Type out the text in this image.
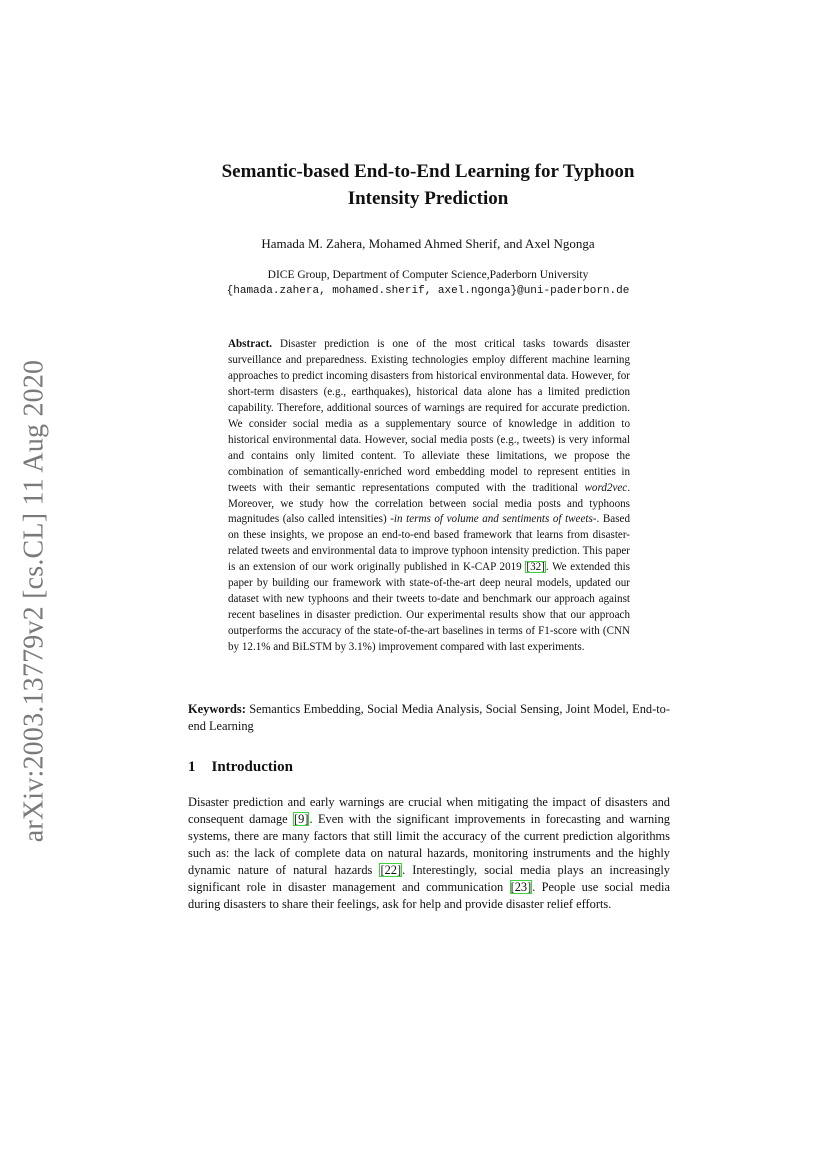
arXiv:2003.13779v2 [cs.CL] 11 Aug 2020
Semantic-based End-to-End Learning for Typhoon
Intensity Prediction
Hamada M. Zahera, Mohamed Ahmed Sherif, and Axel Ngonga
DICE Group, Department of Computer Science,Paderborn University
{hamada.zahera, mohamed.sherif, axel.ngonga}@uni-paderborn.de
Abstract. Disaster prediction is one of the most critical tasks towards disaster surveillance and preparedness. Existing technologies employ different machine learning approaches to predict incoming disasters from historical environmental data. However, for short-term disasters (e.g., earthquakes), historical data alone has a limited prediction capability. Therefore, additional sources of warnings are required for accurate prediction. We consider social media as a supplementary source of knowledge in addition to historical environmental data. However, social media posts (e.g., tweets) is very informal and contains only limited content. To alleviate these limitations, we propose the combination of semantically-enriched word embedding model to represent entities in tweets with their semantic representations computed with the traditional word2vec. Moreover, we study how the correlation between social media posts and typhoons magnitudes (also called intensities) -in terms of volume and sentiments of tweets-. Based on these insights, we propose an end-to-end based framework that learns from disaster-related tweets and environmental data to improve typhoon intensity prediction. This paper is an extension of our work originally published in K-CAP 2019 [32]. We extended this paper by building our framework with state-of-the-art deep neural models, updated our dataset with new typhoons and their tweets to-date and benchmark our approach against recent baselines in disaster prediction. Our experimental results show that our approach outperforms the accuracy of the state-of-the-art baselines in terms of F1-score with (CNN by 12.1% and BiLSTM by 3.1%) improvement compared with last experiments.
Keywords: Semantics Embedding, Social Media Analysis, Social Sensing, Joint Model, End-to-end Learning
1 Introduction
Disaster prediction and early warnings are crucial when mitigating the impact of disasters and consequent damage [9]. Even with the significant improvements in forecasting and warning systems, there are many factors that still limit the accuracy of the current prediction algorithms such as: the lack of complete data on natural hazards, monitoring instruments and the highly dynamic nature of natural hazards [22]. Interestingly, social media plays an increasingly significant role in disaster management and communication [23]. People use social media during disasters to share their feelings, ask for help and provide disaster relief efforts.
